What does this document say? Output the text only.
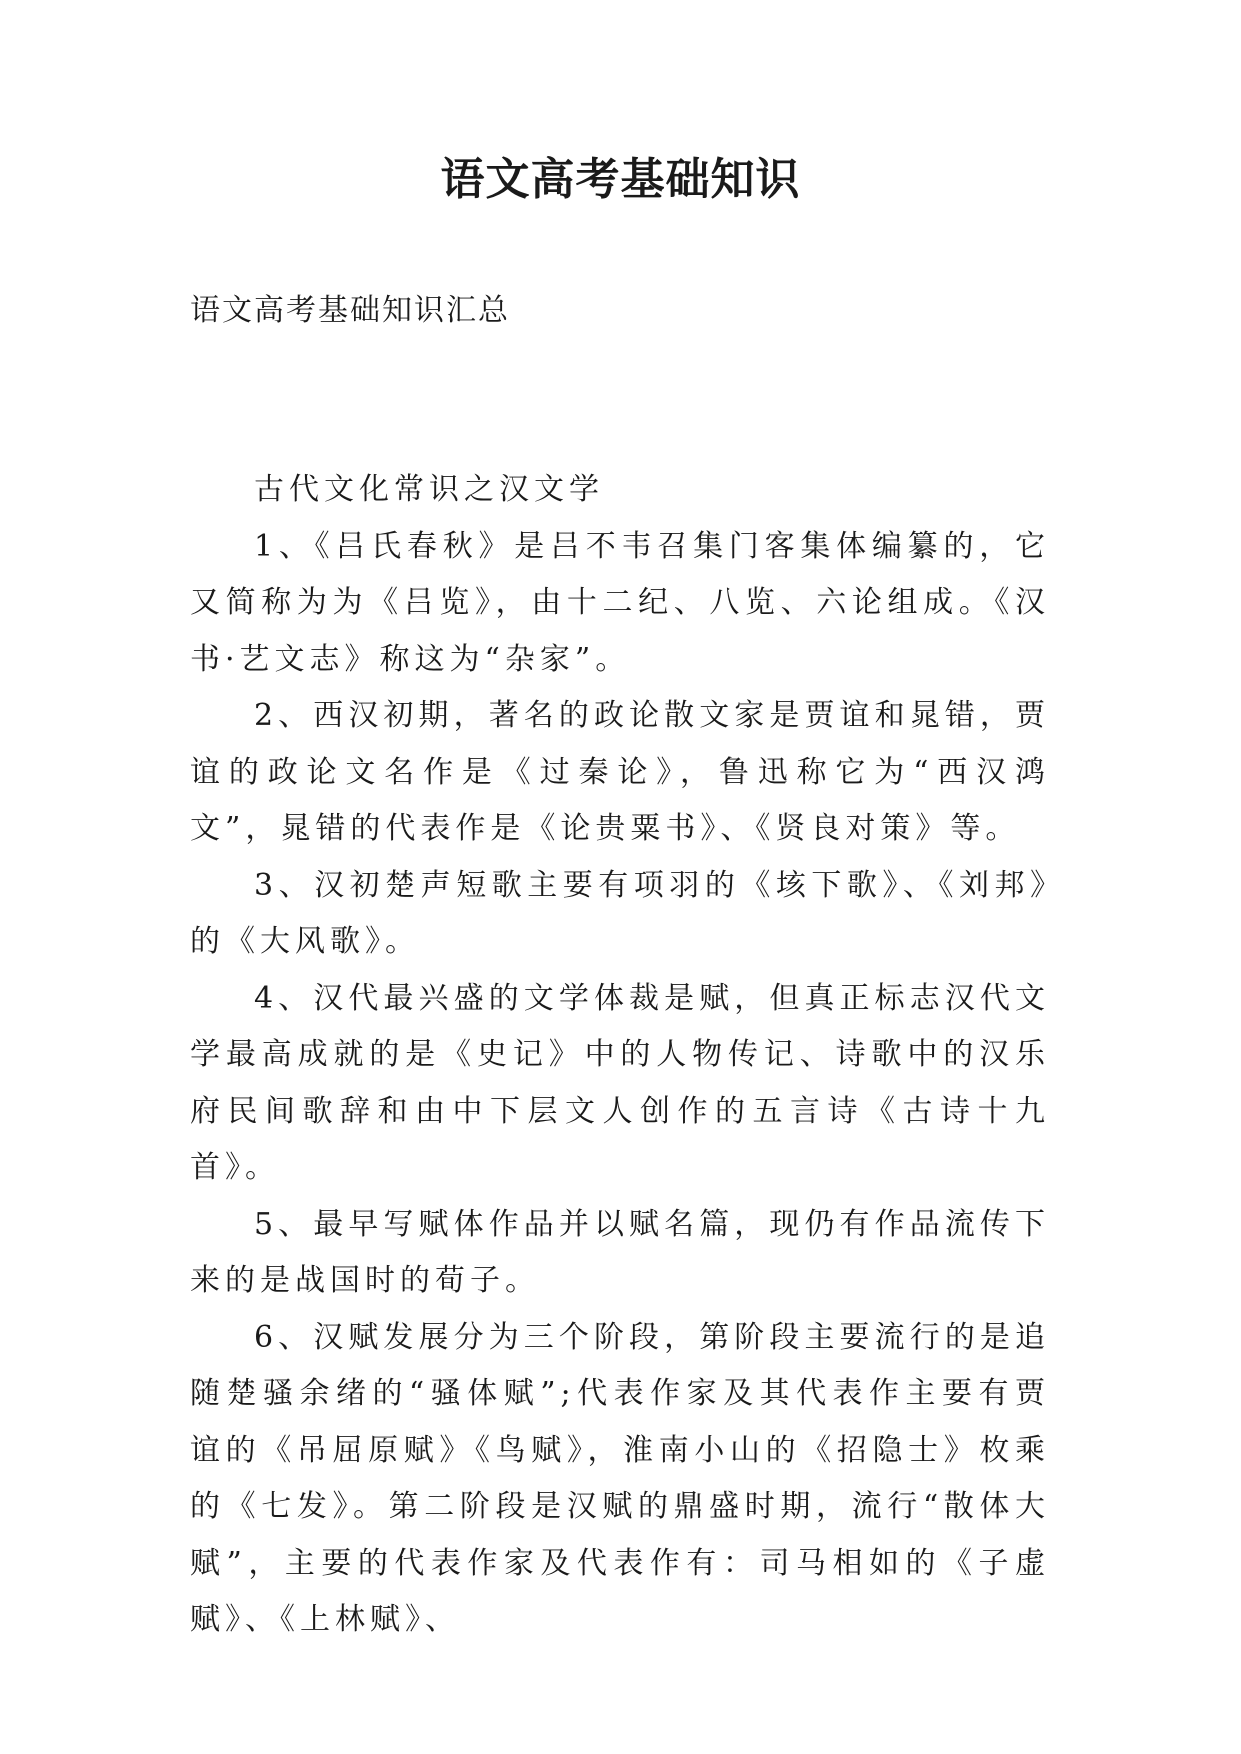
语文高考基础知识
语文高考基础知识汇总

古代文化常识之汉文学

1、《吕氏春秋》是吕不韦召集门客集体编纂的，它又简称为为《吕览》，由十二纪、八览、六论组成。《汉书·艺文志》称这为“杂家”。

2、西汉初期，著名的政论散文家是贾谊和晁错，贾谊的政论文名作是《过秦论》，鲁迅称它为“西汉鸿文”，晁错的代表作是《论贵粟书》、《贤良对策》等。

3、汉初楚声短歌主要有项羽的《垓下歌》、《刘邦》的《大风歌》。

4、汉代最兴盛的文学体裁是赋，但真正标志汉代文学最高成就的是《史记》中的人物传记、诗歌中的汉乐府民间歌辞和由中下层文人创作的五言诗《古诗十九首》。

5、最早写赋体作品并以赋名篇，现仍有作品流传下来的是战国时的荀子。

6、汉赋发展分为三个阶段，第阶段主要流行的是追随楚骚余绪的“骚体赋”;代表作家及其代表作主要有贾谊的《吊屈原赋》《鸟赋》，淮南小山的《招隐士》枚乘的《七发》。第二阶段是汉赋的鼎盛时期，流行“散体大赋”，主要的代表作家及代表作有：司马相如的《子虚赋》、《上林赋》、
